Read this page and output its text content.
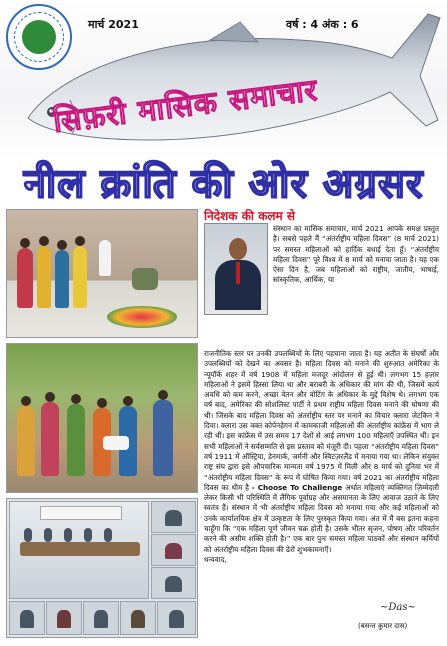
मार्च 2021	वर्ष : 4 अंक : 6
सिफ़री मासिक समाचार
नील क्रांति की ओर अग्रसर
निदेशक की कलम से
संस्थान का मासिक समाचार, मार्च 2021 आपके समक्ष प्रस्तुत है। सबसे पहले मैं “अंतर्राष्ट्रीय महिला दिवस” (8 मार्च 2021) पर समस्त महिलाओं को हार्दिक बधाई देता हूँ। “अंतर्राष्ट्रीय महिला दिवस” पूरे विश्व में 8 मार्च को मनाया जाता है। यह एक ऐसा दिन है, जब महिलाओं को राष्ट्रीय, जातीय, भाषाई, सांस्कृतिक, आर्थिक, या
राजनीतिक स्तर पर उनकी उपलब्धियों के लिए पहचाना जाता है। यह अतीत के संघर्षों और उपलब्धियों को देखने का अवसर है। महिला दिवस को मनाने की शुरुआत अमेरिका के न्यूयॉर्क शहर में वर्ष 1908 में महिला मजदूर आंदोलन से हुई थी। लगभग 15 हज़ार महिलाओं ने इसमें हिस्सा लिया था और बराबरी के अधिकार की मांग की थी, जिसमें कार्य अवधि को कम करने, अच्छा वेतन और वोटिंग के अधिकार के मुद्दे विशेष थे। लगभग एक वर्ष बाद, अमेरिका की सोशलिस्ट पार्टी ने प्रथम राष्ट्रीय महिला दिवस मनाने की घोषणा की थी। जिसके बाद महिला दिवस को अंतर्राष्ट्रीय स्तर पर मनाने का विचार क्लारा जेटकिन ने दिया। क्लारा उस वक्त कोपेनहेगन में कामकाजी महिलाओं की अंतर्राष्ट्रीय कांफ्रेंस में भाग ले रही थीं। इस कांफ्रेंस में उस समय 17 देशों से आई लगभग 100 महिलाएँ उपस्थित थीं। इन सभी महिलाओं ने सर्वसम्मति से इस प्रस्ताव को मंज़ूरी दी। पहला “अंतर्राष्ट्रीय महिला दिवस” वर्ष 1911 में ऑस्ट्रिया, डेनमार्क, जर्मनी और स्विटज़रलैंड में मनाया गया था। लेकिन संयुक्त राष्ट्र संघ द्वारा इसे औपचारिक मान्यता वर्ष 1975 में मिली और 8 मार्च को दुनिया भर में “अंतर्राष्ट्रीय महिला दिवस” के रूप में घोषित किया गया। वर्ष 2021 का अंतर्राष्ट्रीय महिला दिवस का थीम है - Choose To Challenge अर्थात महिलाएं व्यक्तिगत ज़िम्मेदारी लेकर किसी भी परिस्थिति में लैंगिक पूर्वाग्रह और असमानता के लिए आवाज उठाने के लिए स्वतंत्र हैं। संस्थान में भी अंतर्राष्ट्रीय महिला दिवस को मनाया गया और कई महिलाओं को उनके कार्यालयिक क्षेत्र में उत्कृष्टता के लिए पुरस्कृत किया गया। अंत में मैं बस इतना कहना चाहूँगा कि “एक महिला पूर्ण जीवन चक्र होती है। उसके भीतर सृजन, पोषण और परिवर्तन करने की असीम शक्ति होती है।” एक बार पुनः समस्त महिला पाठकों और संस्थान कर्मियों को अंतर्राष्ट्रीय महिला दिवस की ढेरों शुभकामनाएँ।
धन्यवाद,
~Das~
(बसन्त कुमार दास)
